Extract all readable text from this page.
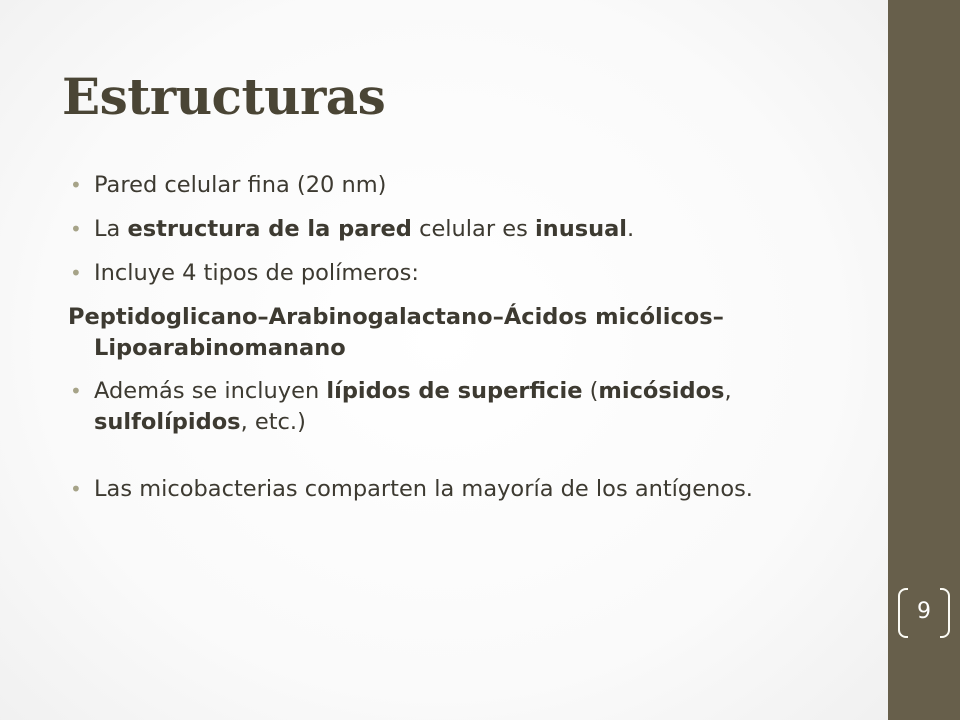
Estructuras
• Pared celular fina (20 nm)
• La estructura de la pared celular es inusual.
• Incluye 4 tipos de polímeros:
Peptidoglicano–Arabinogalactano–Ácidos micólicos–
Lipoarabinomanano
• Además se incluyen lípidos de superficie (micósidos, sulfolípidos, etc.)
• Las micobacterias comparten la mayoría de los antígenos.
9
